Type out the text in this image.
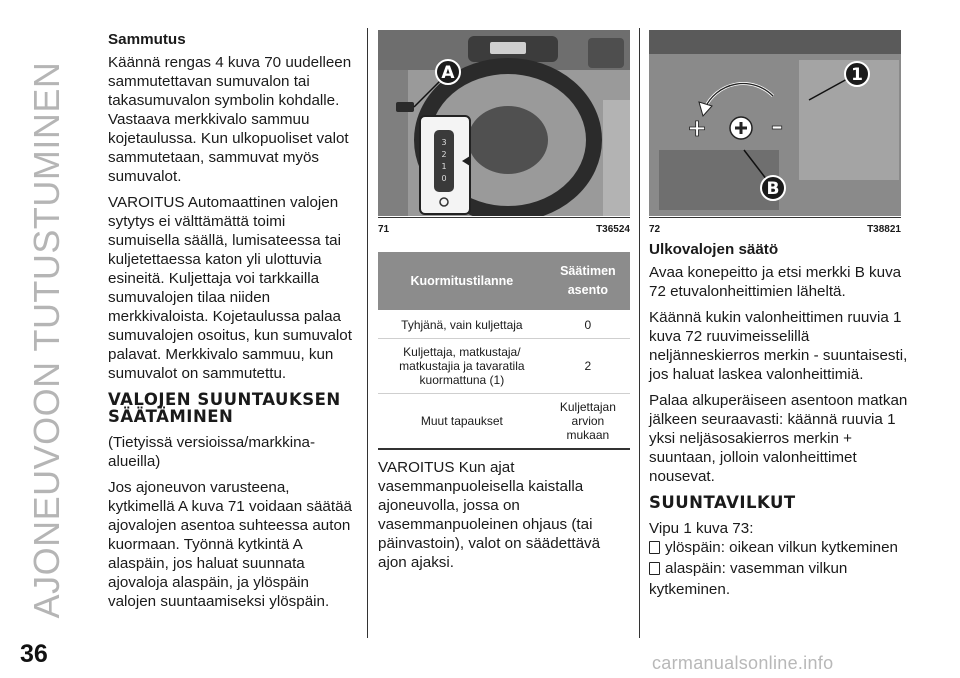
AJONEUVOON TUTUSTUMINEN
36	carmanualsonline.info
Sammutus

Käännä rengas 4 kuva 70 uudelleen sammutettavan sumuvalon tai takasumuvalon symbolin kohdalle. Vastaava merkkivalo sammuu kojetaulussa. Kun ulkopuoliset valot sammutetaan, sammuvat myös sumuvalot.

VAROITUS Automaattinen valojen sytytys ei välttämättä toimi sumuisella säällä, lumisateessa tai kuljetettaessa katon yli ulottuvia esineitä. Kuljettaja voi tarkkailla sumuvalojen tilaa niiden merkkivaloista. Kojetaulussa palaa sumuvalojen osoitus, kun sumuvalot palavat. Merkkivalo sammuu, kun sumuvalot on sammutettu.

VALOJEN SUUNTAUKSEN SÄÄTÄMINEN

(Tietyissä versioissa/markkina-alueilla)

Jos ajoneuvon varusteena, kytkimellä A kuva 71 voidaan säätää ajovalojen asentoa suhteessa auton kuormaan. Työnnä kytkintä A alaspäin, jos haluat suunnata ajovaloja alaspäin, ja ylöspäin valojen suuntaamiseksi ylöspäin.

A
3
2
1
0
71	T36524
Kuormitustilanne	Säätimen asento
Tyhjänä, vain kuljettaja	0
Kuljettaja, matkustaja/ matkustajia ja tavaratila kuormattuna (1)	2
Muut tapaukset	Kuljettajan arvion mukaan

VAROITUS Kun ajat vasemmanpuoleisella kaistalla ajoneuvolla, jossa on vasemmanpuoleinen ohjaus (tai päinvastoin), valot on säädettävä ajon ajaksi.

+	–
1
B
72	T38821
Ulkovalojen säätö

Avaa konepeitto ja etsi merkki B kuva 72 etuvalonheittimien läheltä.

Käännä kukin valonheittimen ruuvia 1 kuva 72 ruuvimeisselillä neljänneskierros merkin - suuntaisesti, jos haluat laskea valonheittimiä.

Palaa alkuperäiseen asentoon matkan jälkeen seuraavasti: käännä ruuvia 1 yksi neljäsosakierros merkin + suuntaan, jolloin valonheittimet nousevat.

SUUNTAVILKUT
Vipu 1 kuva 73:
ylöspäin: oikean vilkun kytkeminen
alaspäin: vasemman vilkun
kytkeminen.
